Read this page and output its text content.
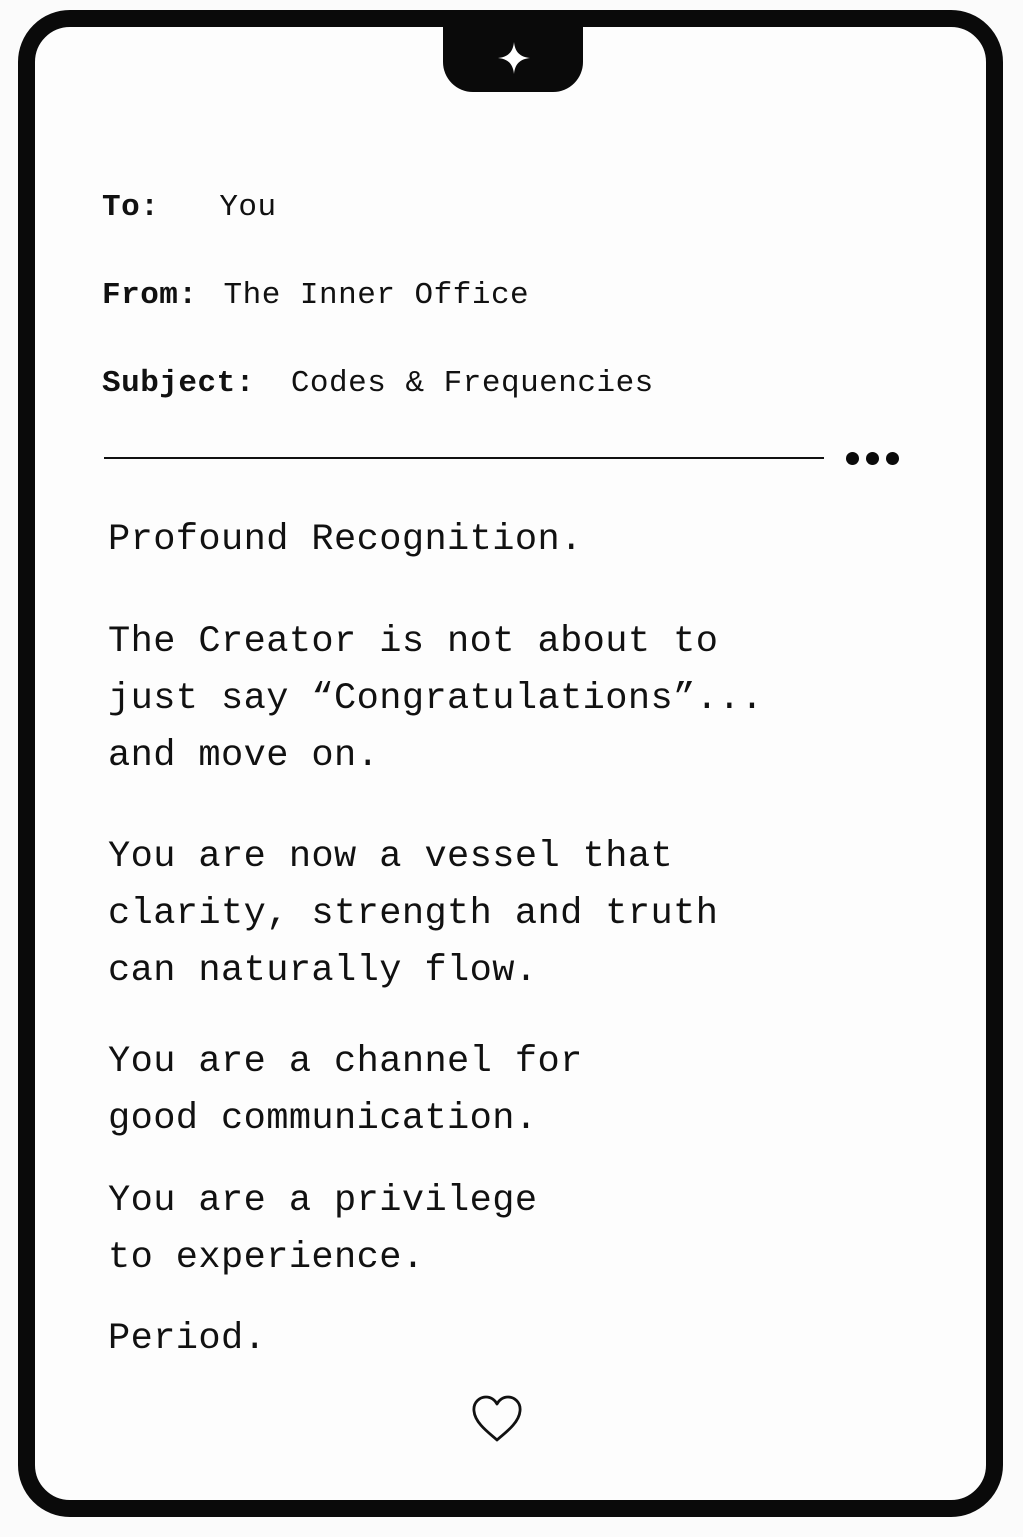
To: You
From: The Inner Office
Subject: Codes & Frequencies
Profound Recognition.
The Creator is not about to
just say “Congratulations”...
and move on.
You are now a vessel that
clarity, strength and truth
can naturally flow.
You are a channel for
good communication.
You are a privilege
to experience.
Period.
